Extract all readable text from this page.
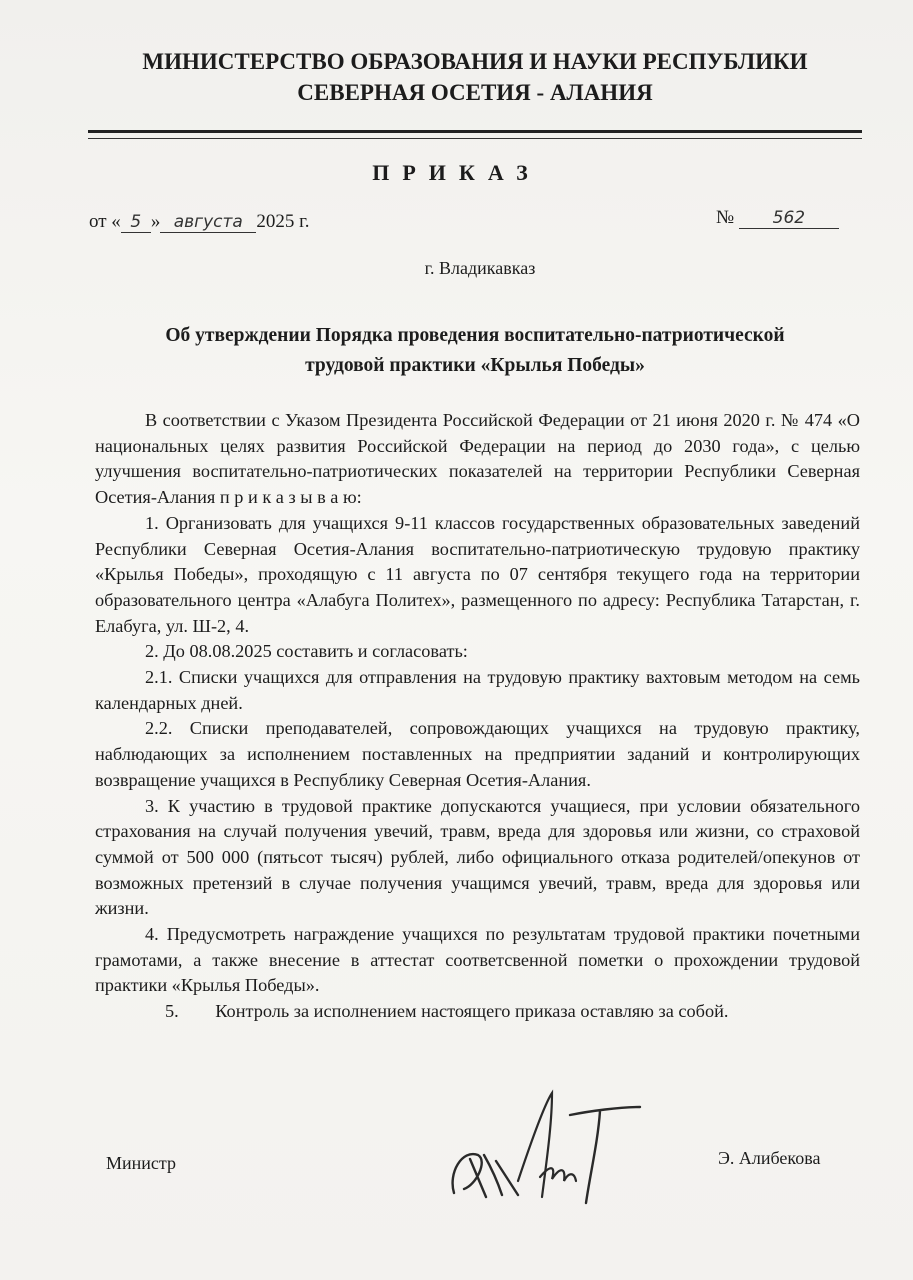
МИНИСТЕРСТВО ОБРАЗОВАНИЯ И НАУКИ РЕСПУБЛИКИ
СЕВЕРНАЯ ОСЕТИЯ - АЛАНИЯ
ПРИКАЗ
от « 5 » августа 2025 г.	№ 562
г. Владикавказ
Об утверждении Порядка проведения воспитательно-патриотической
трудовой практики «Крылья Победы»

В соответствии с Указом Президента Российской Федерации от 21 июня 2020 г. № 474 «О национальных целях развития Российской Федерации на период до 2030 года», с целью улучшения воспитательно-патриотических показателей на территории Республики Северная Осетия-Алания п р и к а з ы в а ю:

1. Организовать для учащихся 9-11 классов государственных образовательных заведений Республики Северная Осетия-Алания воспитательно-патриотическую трудовую практику «Крылья Победы», проходящую с 11 августа по 07 сентября текущего года на территории образовательного центра «Алабуга Политех», размещенного по адресу: Республика Татарстан, г. Елабуга, ул. Ш-2, 4.

2. До 08.08.2025 составить и согласовать:

2.1. Списки учащихся для отправления на трудовую практику вахтовым методом на семь календарных дней.

2.2. Списки преподавателей, сопровождающих учащихся на трудовую практику, наблюдающих за исполнением поставленных на предприятии заданий и контролирующих возвращение учащихся в Республику Северная Осетия-Алания.

3. К участию в трудовой практике допускаются учащиеся, при условии обязательного страхования на случай получения увечий, травм, вреда для здоровья или жизни, со страховой суммой от 500 000 (пятьсот тысяч) рублей, либо официального отказа родителей/опекунов от возможных претензий в случае получения учащимся увечий, травм, вреда для здоровья или жизни.

4. Предусмотреть награждение учащихся по результатам трудовой практики почетными грамотами, а также внесение в аттестат соответсвенной пометки о прохождении трудовой практики «Крылья Победы».

5.        Контроль за исполнением настоящего приказа оставляю за собой.

Министр	Э. Алибекова
